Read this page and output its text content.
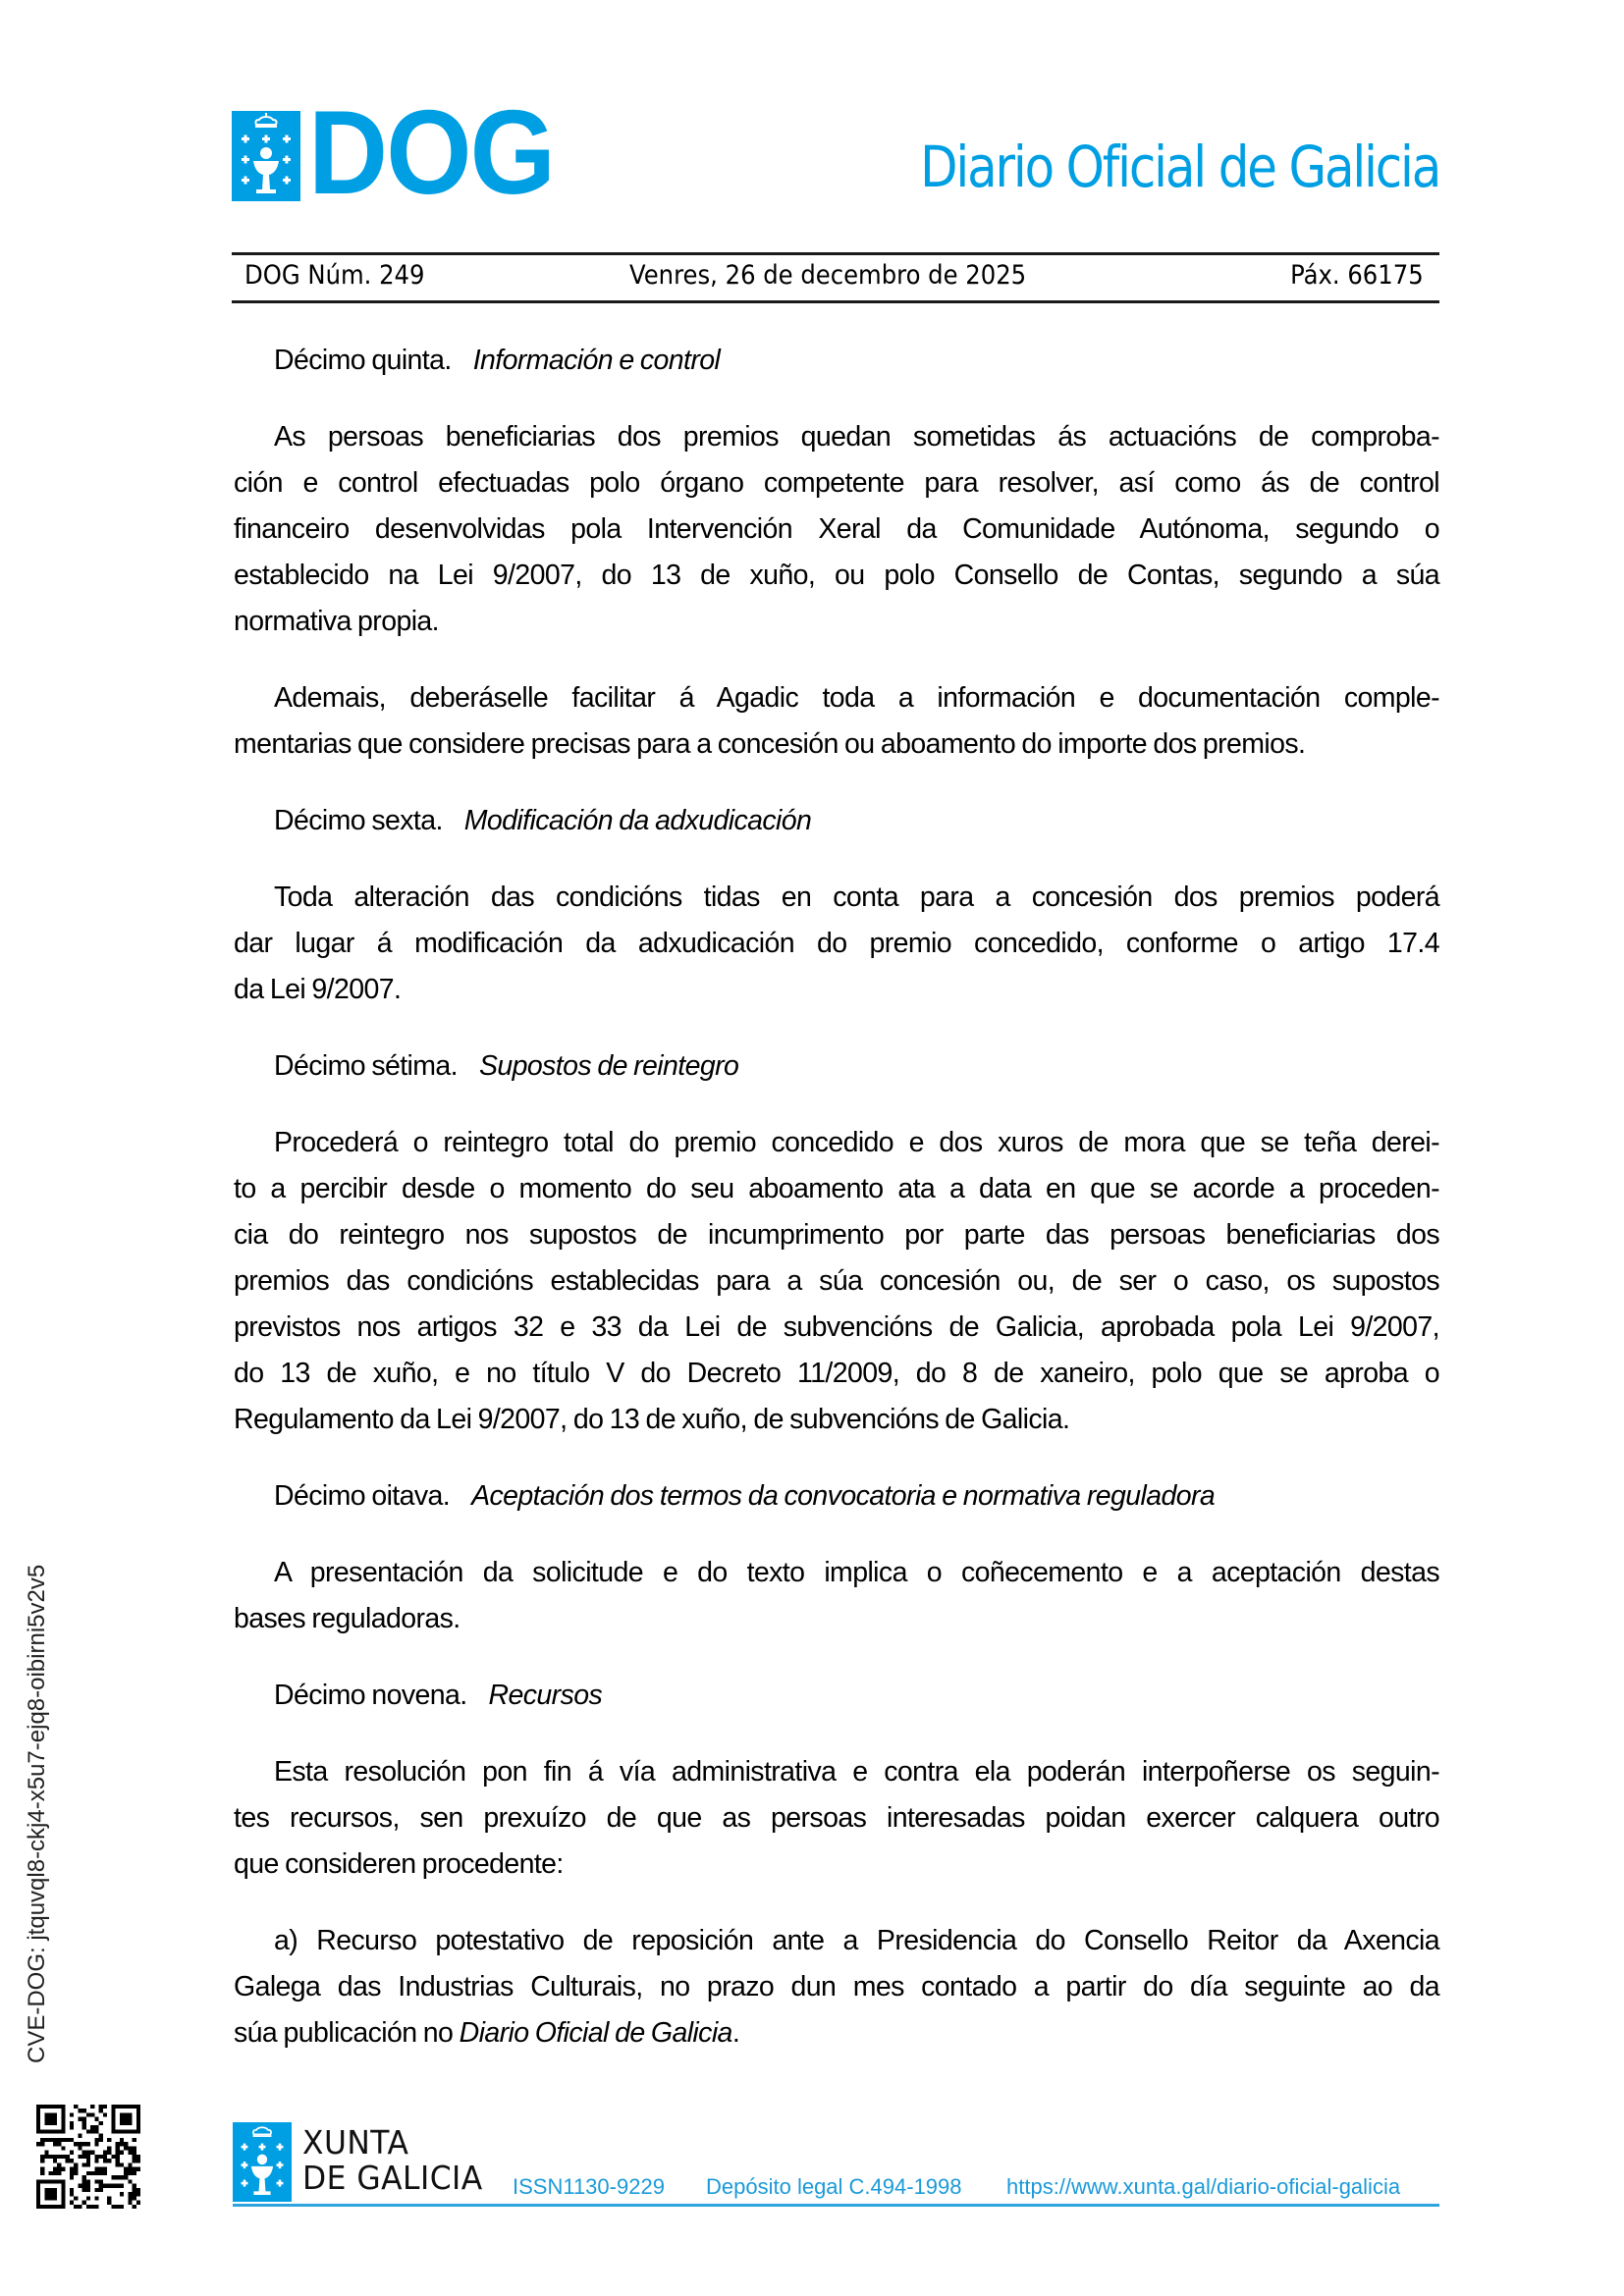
DOG	Diario Oficial de Galicia
DOG Núm. 249	Venres, 26 de decembro de 2025	Páx. 66175
Décimo quinta. Información e control
As persoas beneficiarias dos premios quedan sometidas ás actuacións de comproba-
ción e control efectuadas polo órgano competente para resolver, así como ás de control
financeiro desenvolvidas pola Intervención Xeral da Comunidade Autónoma, segundo o
establecido na Lei 9/2007, do 13 de xuño, ou polo Consello de Contas, segundo a súa
normativa propia.
Ademais, deberáselle facilitar á Agadic toda a información e documentación comple-
mentarias que considere precisas para a concesión ou aboamento do importe dos premios.
Décimo sexta. Modificación da adxudicación
Toda alteración das condicións tidas en conta para a concesión dos premios poderá
dar lugar á modificación da adxudicación do premio concedido, conforme o artigo 17.4
da Lei 9/2007.
Décimo sétima. Supostos de reintegro
Procederá o reintegro total do premio concedido e dos xuros de mora que se teña derei-
to a percibir desde o momento do seu aboamento ata a data en que se acorde a proceden-
cia do reintegro nos supostos de incumprimento por parte das persoas beneficiarias dos
premios das condicións establecidas para a súa concesión ou, de ser o caso, os supostos
previstos nos artigos 32 e 33 da Lei de subvencións de Galicia, aprobada pola Lei 9/2007,
do 13 de xuño, e no título V do Decreto 11/2009, do 8 de xaneiro, polo que se aproba o
Regulamento da Lei 9/2007, do 13 de xuño, de subvencións de Galicia.
Décimo oitava. Aceptación dos termos da convocatoria e normativa reguladora
A presentación da solicitude e do texto implica o coñecemento e a aceptación destas
bases reguladoras.
Décimo novena. Recursos
Esta resolución pon fin á vía administrativa e contra ela poderán interpoñerse os seguin-
tes recursos, sen prexuízo de que as persoas interesadas poidan exercer calquera outro
que consideren procedente:
a) Recurso potestativo de reposición ante a Presidencia do Consello Reitor da Axencia
Galega das Industrias Culturais, no prazo dun mes contado a partir do día seguinte ao da
súa publicación no Diario Oficial de Galicia.
CVE-DOG: jtquvql8-ckj4-x5u7-ejq8-oibirni5v2v5
XUNTA
DE GALICIA ISSN1130-9229 Depósito legal C.494-1998 https://www.xunta.gal/diario-oficial-galicia
